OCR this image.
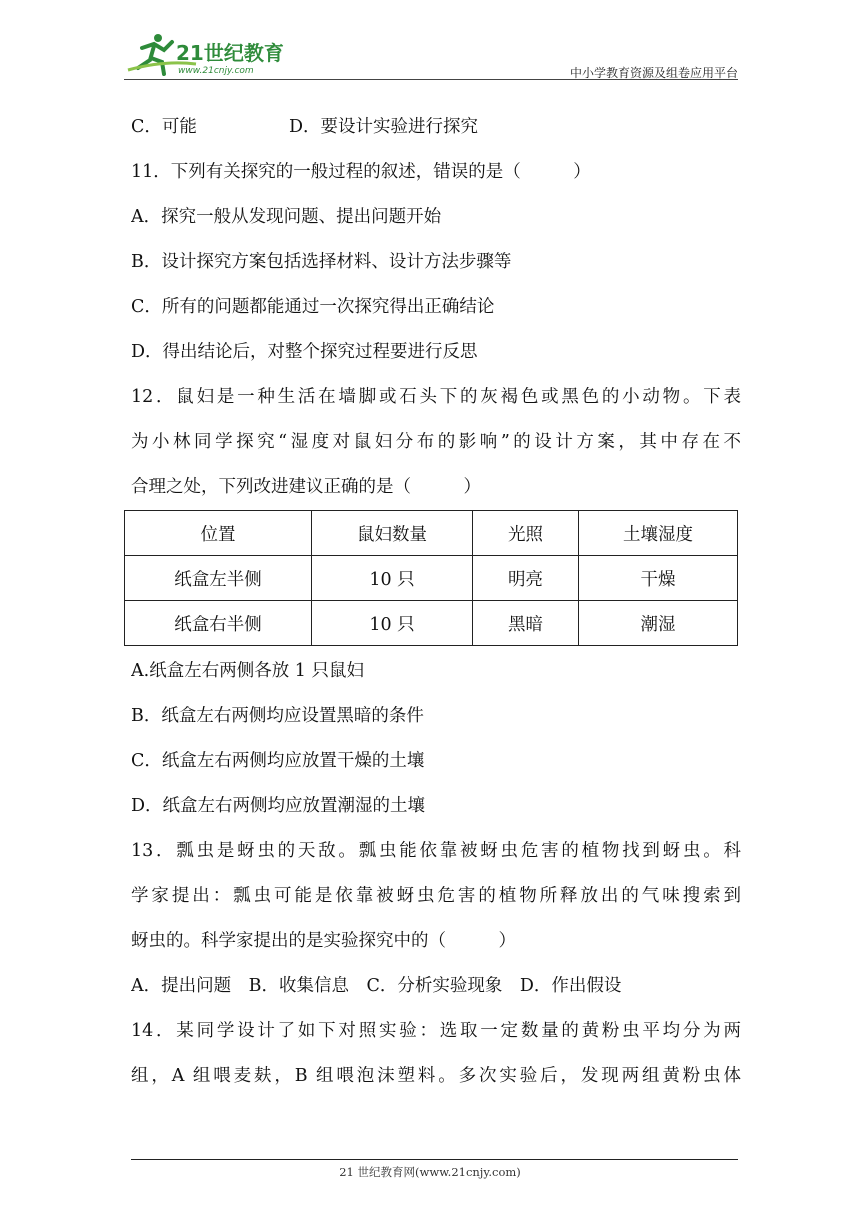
21世纪教育
www.21cnjy.com	中小学教育资源及组卷应用平台
C．可能	D．要设计实验进行探究
11．下列有关探究的一般过程的叙述，错误的是（　　　）
A．探究一般从发现问题、提出问题开始
B．设计探究方案包括选择材料、设计方法步骤等
C．所有的问题都能通过一次探究得出正确结论
D．得出结论后，对整个探究过程要进行反思
12．鼠妇是一种生活在墙脚或石头下的灰褐色或黑色的小动物。下表
为小林同学探究“湿度对鼠妇分布的影响”的设计方案，其中存在不
合理之处，下列改进建议正确的是（　　　）
位置	鼠妇数量	光照	土壤湿度
纸盒左半侧	10 只	明亮	干燥
纸盒右半侧	10 只	黑暗	潮湿
A.纸盒左右两侧各放 1 只鼠妇
B．纸盒左右两侧均应设置黑暗的条件
C．纸盒左右两侧均应放置干燥的土壤
D．纸盒左右两侧均应放置潮湿的土壤
13．瓢虫是蚜虫的天敌。瓢虫能依靠被蚜虫危害的植物找到蚜虫。科
学家提出：瓢虫可能是依靠被蚜虫危害的植物所释放出的气味搜索到
蚜虫的。科学家提出的是实验探究中的（　　　）
A．提出问题　B．收集信息　C．分析实验现象　D．作出假设
14．某同学设计了如下对照实验：选取一定数量的黄粉虫平均分为两
组，A 组喂麦麸，B 组喂泡沫塑料。多次实验后，发现两组黄粉虫体
21 世纪教育网(www.21cnjy.com)
